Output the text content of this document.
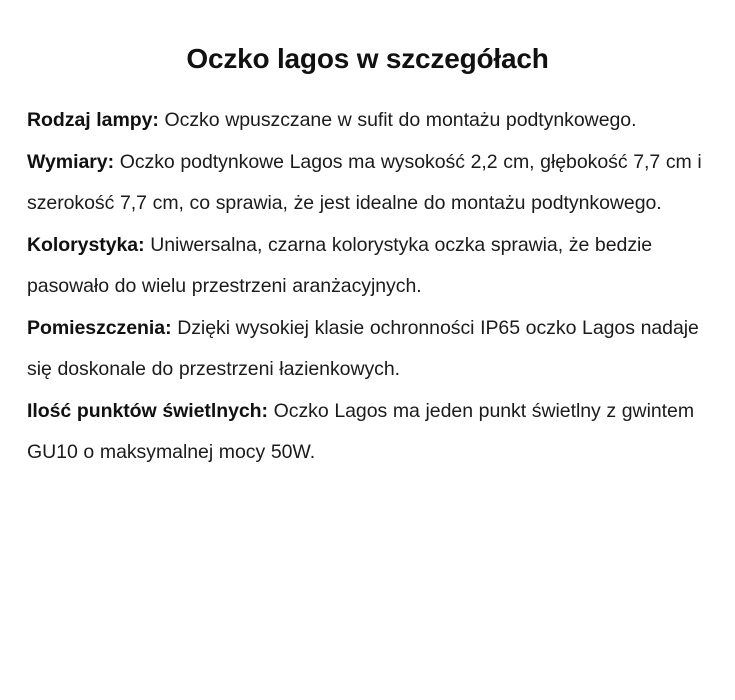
Oczko lagos w szczegółach

Rodzaj lampy: Oczko wpuszczane w sufit do montażu podtynkowego.

Wymiary: Oczko podtynkowe Lagos ma wysokość 2,2 cm, głębokość 7,7 cm i szerokość 7,7 cm, co sprawia, że jest idealne do montażu podtynkowego.

Kolorystyka: Uniwersalna, czarna kolorystyka oczka sprawia, że bedzie pasowało do wielu przestrzeni aranżacyjnych.

Pomieszczenia: Dzięki wysokiej klasie ochronności IP65 oczko Lagos nadaje się doskonale do przestrzeni łazienkowych.

Ilość punktów świetlnych: Oczko Lagos ma jeden punkt świetlny z gwintem GU10 o maksymalnej mocy 50W.
